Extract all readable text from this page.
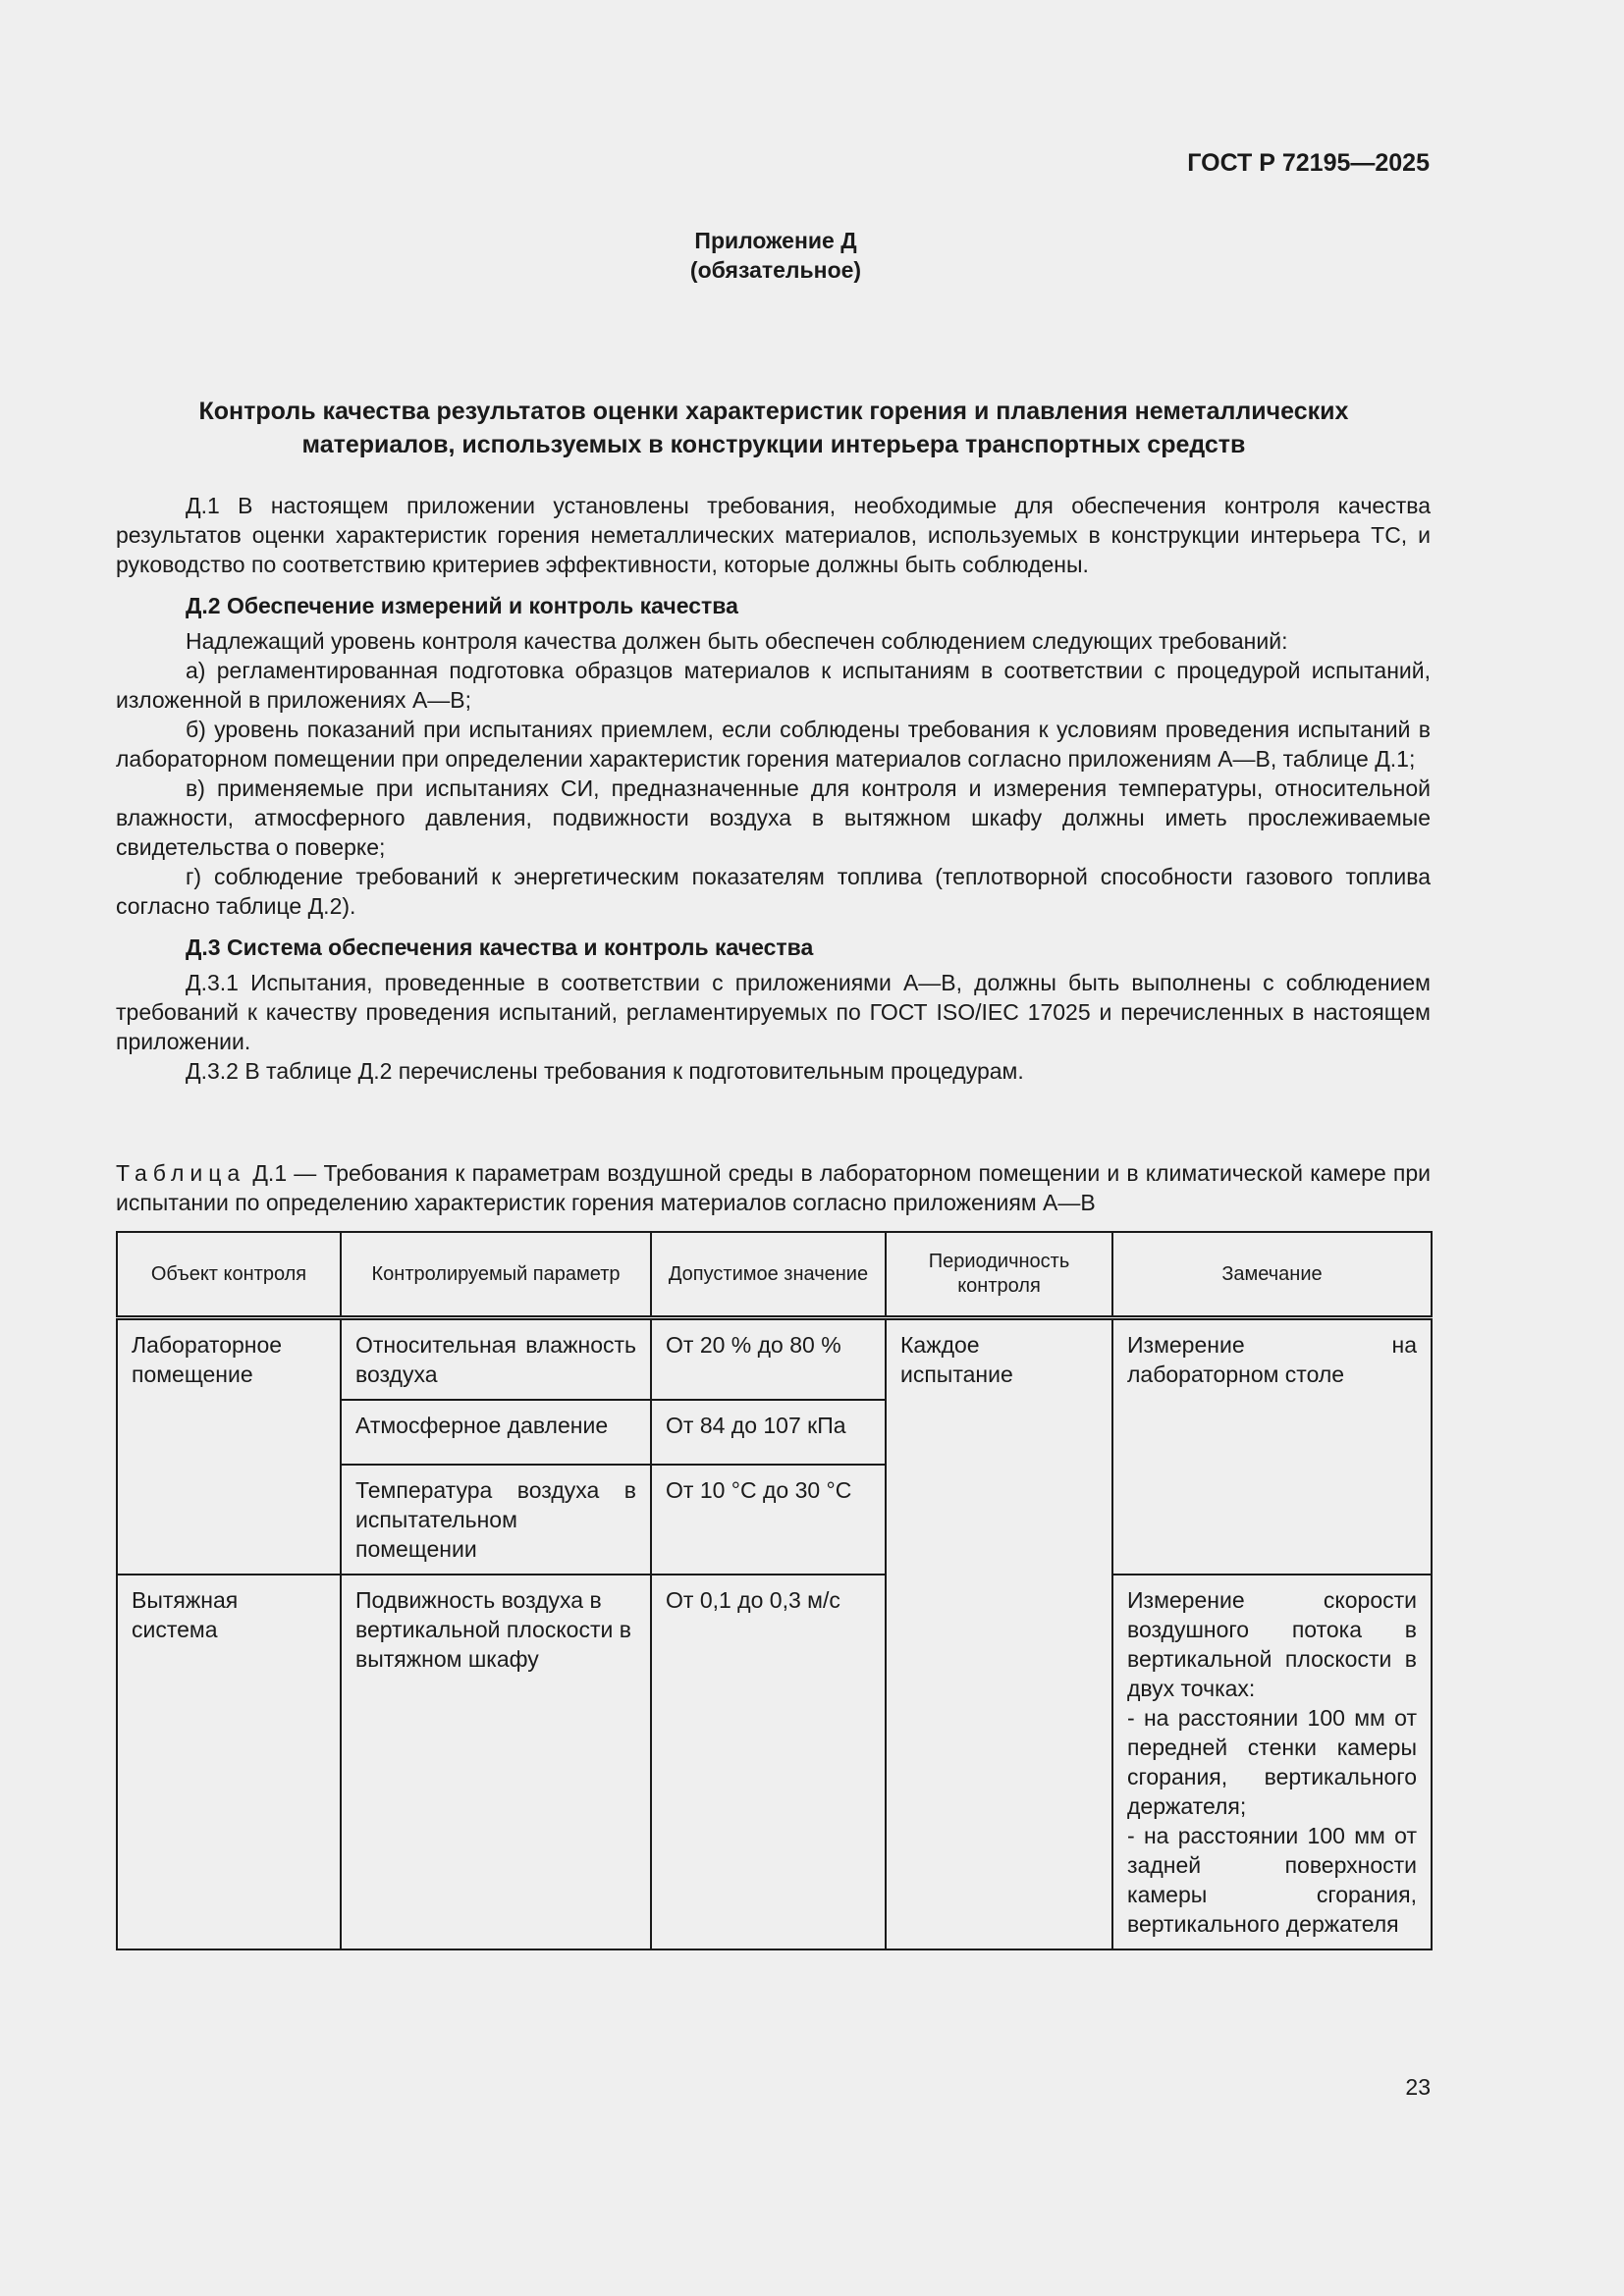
ГОСТ Р 72195—2025
Приложение Д
(обязательное)
Контроль качества результатов оценки характеристик горения и плавления неметаллических
материалов, используемых в конструкции интерьера транспортных средств

Д.1 В настоящем приложении установлены требования, необходимые для обеспечения контроля качества результатов оценки характеристик горения неметаллических материалов, используемых в конструкции интерьера ТС, и руководство по соответствию критериев эффективности, которые должны быть соблюдены.

Д.2 Обеспечение измерений и контроль качества

Надлежащий уровень контроля качества должен быть обеспечен соблюдением следующих требований:

а) регламентированная подготовка образцов материалов к испытаниям в соответствии с процедурой испытаний, изложенной в приложениях А—В;

б) уровень показаний при испытаниях приемлем, если соблюдены требования к условиям проведения испытаний в лабораторном помещении при определении характеристик горения материалов согласно приложениям А—В, таблице Д.1;

в) применяемые при испытаниях СИ, предназначенные для контроля и измерения температуры, относительной влажности, атмосферного давления, подвижности воздуха в вытяжном шкафу должны иметь прослеживаемые свидетельства о поверке;

г) соблюдение требований к энергетическим показателям топлива (теплотворной способности газового топлива согласно таблице Д.2).

Д.3 Система обеспечения качества и контроль качества

Д.3.1 Испытания, проведенные в соответствии с приложениями А—В, должны быть выполнены с соблюдением требований к качеству проведения испытаний, регламентируемых по ГОСТ ISO/IEC 17025 и перечисленных в настоящем приложении.

Д.3.2 В таблице Д.2 перечислены требования к подготовительным процедурам.

Таблица Д.1 — Требования к параметрам воздушной среды в лабораторном помещении и в климатической камере при испытании по определению характеристик горения материалов согласно приложениям А—В
Объект контроля	Контролируемый параметр	Допустимое значение	Периодичность контроля	Замечание
Лабораторное помещение	Относительная влажность воздуха	От 20 % до 80 %	Каждое испытание	Измерение на лабораторном столе
	Атмосферное давление	От 84 до 107 кПа		
	Температура воздуха в испытательном помещении	От 10 °С до 30 °С		
Вытяжная система	Подвижность воздуха в вертикальной плоскости в вытяжном шкафу	От 0,1 до 0,3 м/с		Измерение скорости воздушного потока в вертикальной плоскости в двух точках:
- на расстоянии 100 мм от передней стенки камеры сгорания, вертикального держателя;
- на расстоянии 100 мм от задней поверхности камеры сгорания, вертикального держателя
23
